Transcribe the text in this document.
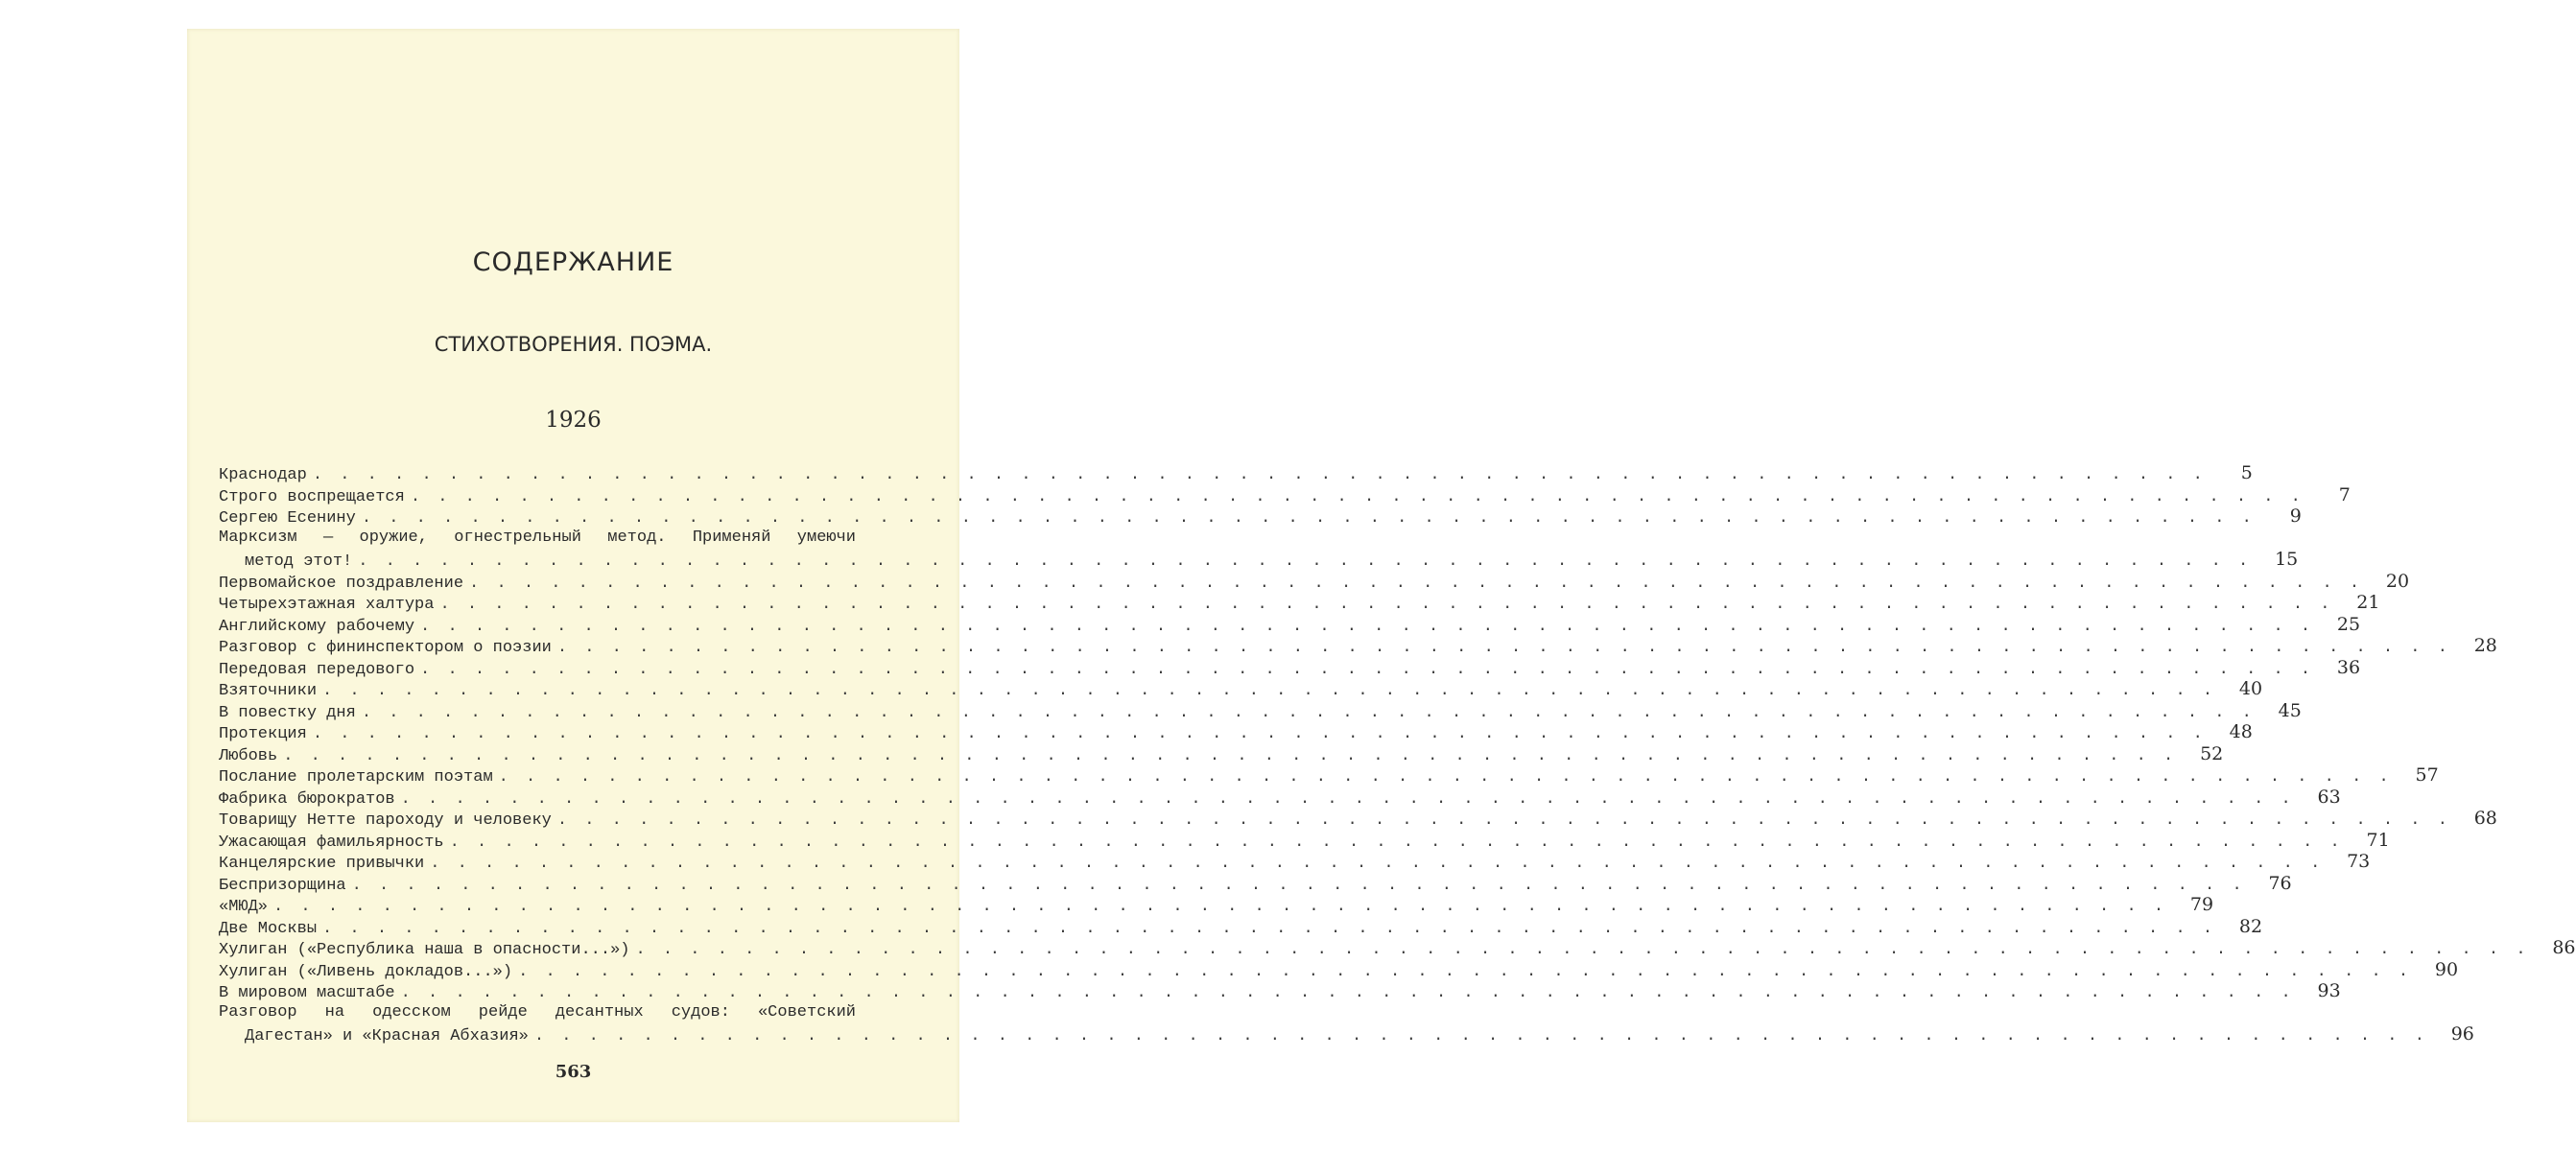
СОДЕРЖАНИЕ
СТИХОТВОРЕНИЯ. ПОЭМА.
1926
Краснодар . . .	5
Строго воспрещается . . .	7
Сергею Есенину . . .	9
Марксизм — оружие, огнестрельный метод. Применяй умеючи
метод этот! . . .	15
Первомайское поздравление . . .	20
Четырехэтажная халтура . . .	21
Английскому рабочему . . .	25
Разговор с фининспектором о поэзии . . .	28
Передовая передового . . .	36
Взяточники . . .	40
В повестку дня . . .	45
Протекция . . .	48
Любовь . . .	52
Послание пролетарским поэтам . . .	57
Фабрика бюрократов . . .	63
Товарищу Нетте пароходу и человеку . . .	68
Ужасающая фамильярность . . .	71
Канцелярские привычки . . .	73
Беспризорщина . . .	76
«МЮД» . . .	79
Две Москвы . . .	82
Хулиган («Республика наша в опасности...») . . .	86
Хулиган («Ливень докладов...») . . .	90
В мировом масштабе . . .	93
Разговор на одесском рейде десантных судов: «Советский
Дагестан» и «Красная Абхазия» . . .	96
563
